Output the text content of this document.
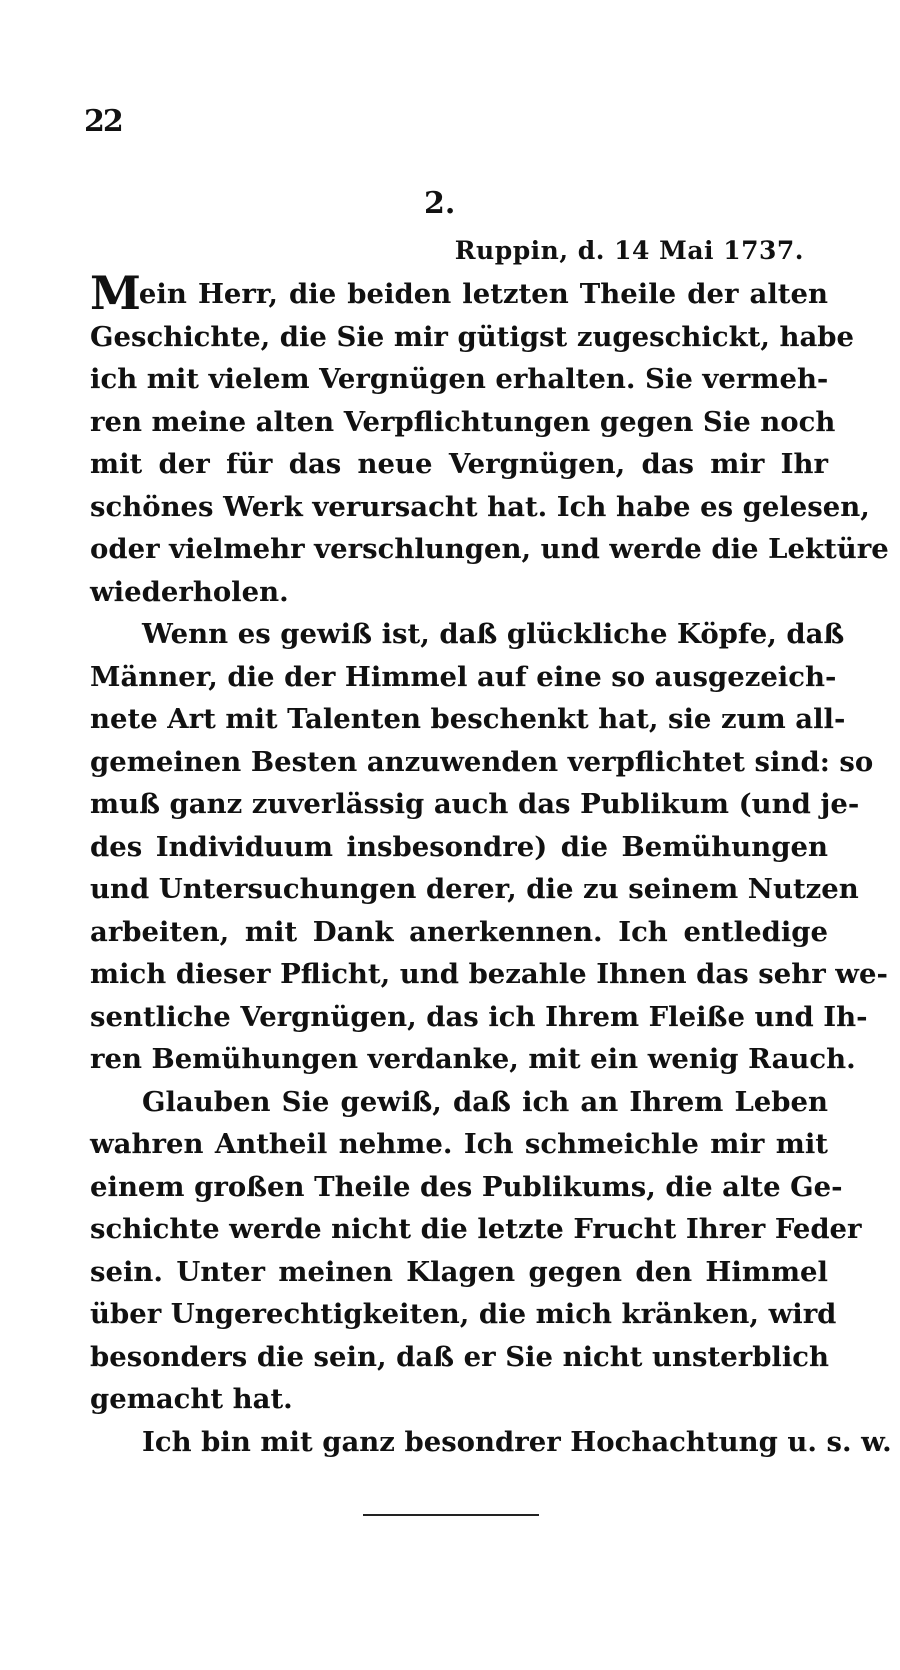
22
2.
Ruppin, d. 14 Mai 1737.

Mein Herr, die beiden letzten Theile der alten
Geschichte, die Sie mir gütigst zugeschickt, habe
ich mit vielem Vergnügen erhalten. Sie vermeh-
ren meine alten Verpflichtungen gegen Sie noch
mit der für das neue Vergnügen, das mir Ihr
schönes Werk verursacht hat. Ich habe es gelesen,
oder vielmehr verschlungen, und werde die Lektüre
wiederholen.

Wenn es gewiß ist, daß glückliche Köpfe, daß
Männer, die der Himmel auf eine so ausgezeich-
nete Art mit Talenten beschenkt hat, sie zum all-
gemeinen Besten anzuwenden verpflichtet sind: so
muß ganz zuverlässig auch das Publikum (und je-
des Individuum insbesondre) die Bemühungen
und Untersuchungen derer, die zu seinem Nutzen
arbeiten, mit Dank anerkennen. Ich entledige
mich dieser Pflicht, und bezahle Ihnen das sehr we-
sentliche Vergnügen, das ich Ihrem Fleiße und Ih-
ren Bemühungen verdanke, mit ein wenig Rauch.

Glauben Sie gewiß, daß ich an Ihrem Leben
wahren Antheil nehme. Ich schmeichle mir mit
einem großen Theile des Publikums, die alte Ge-
schichte werde nicht die letzte Frucht Ihrer Feder
sein. Unter meinen Klagen gegen den Himmel
über Ungerechtigkeiten, die mich kränken, wird
besonders die sein, daß er Sie nicht unsterblich
gemacht hat.

Ich bin mit ganz besondrer Hochachtung u. s. w.
